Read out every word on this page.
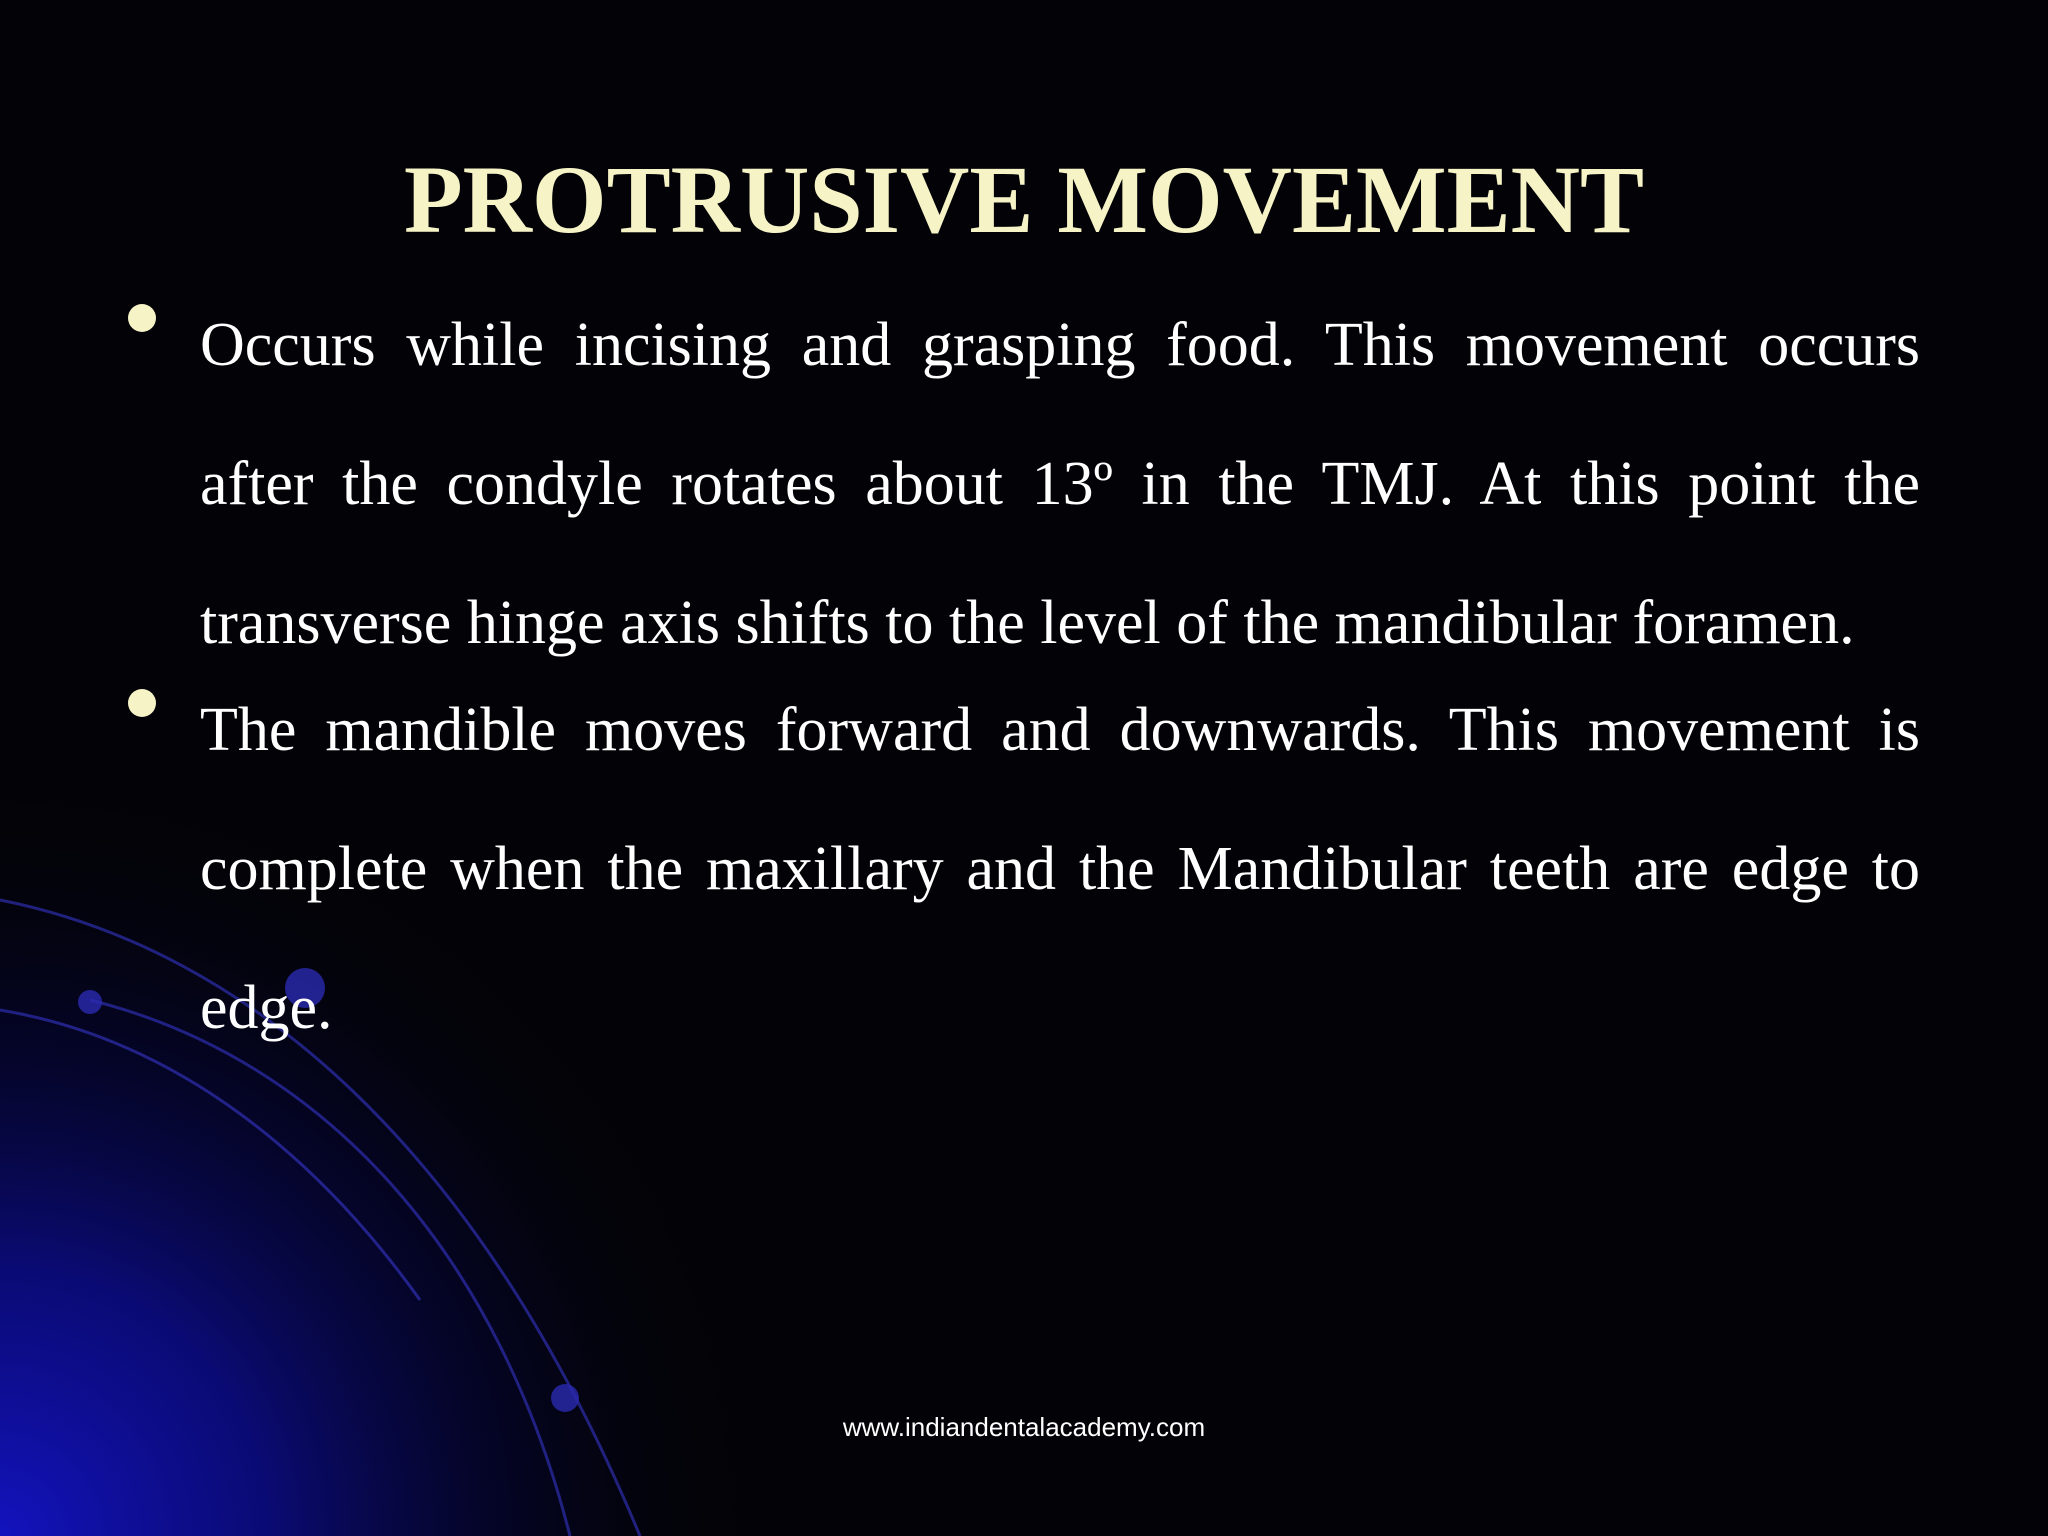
PROTRUSIVE MOVEMENT
Occurs while incising and grasping food. This movement occurs after the condyle rotates about 13º in the TMJ. At this point the transverse hinge axis shifts to the level of the mandibular foramen.
The mandible moves forward and downwards. This movement is complete when the maxillary and the Mandibular teeth are edge to edge.
www.indiandentalacademy.com
